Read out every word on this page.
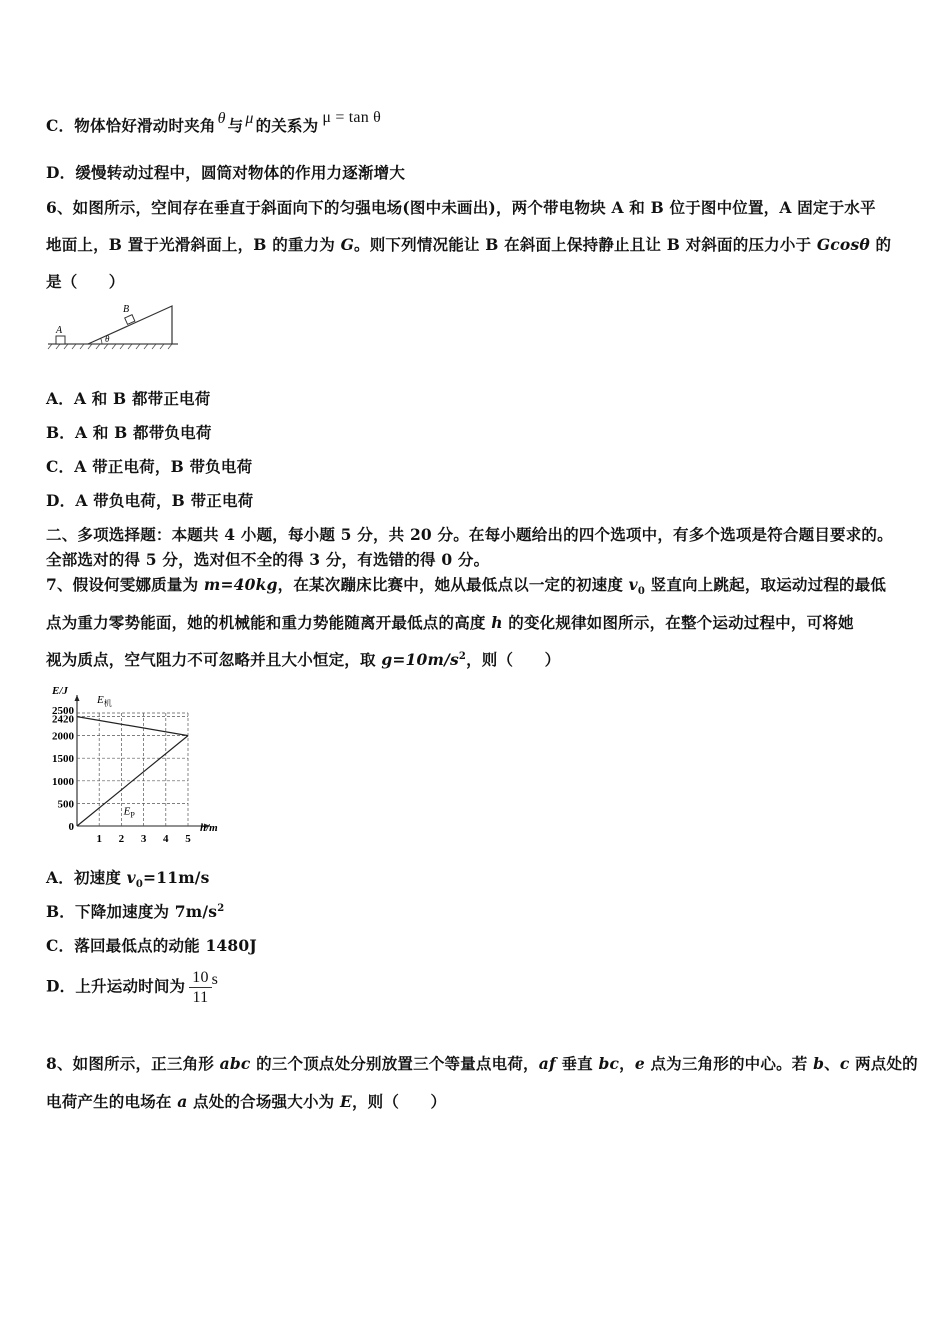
C．物体恰好滑动时夹角 θ 与 μ 的关系为 μ = tan θ
D．缓慢转动过程中，圆筒对物体的作用力逐渐增大
6、如图所示，空间存在垂直于斜面向下的匀强电场(图中未画出)，两个带电物块 A 和 B 位于图中位置，A 固定于水平
地面上，B 置于光滑斜面上，B 的重力为 G。则下列情况能让 B 在斜面上保持静止且让 B 对斜面的压力小于 Gcosθ 的
是（　　）
A
B
θ
A．A 和 B 都带正电荷
B．A 和 B 都带负电荷
C．A 带正电荷，B 带负电荷
D．A 带负电荷，B 带正电荷
二、多项选择题：本题共 4 小题，每小题 5 分，共 20 分。在每小题给出的四个选项中，有多个选项是符合题目要求的。
全部选对的得 5 分，选对但不全的得 3 分，有选错的得 0 分。
7、假设何雯娜质量为 m=40kg，在某次蹦床比赛中，她从最低点以一定的初速度 $v_0$ 竖直向上跳起，取运动过程的最低
点为重力零势能面，她的机械能和重力势能随离开最低点的高度 h 的变化规律如图所示，在整个运动过程中，可将她
视为质点，空气阻力不可忽略并且大小恒定，取 $g=10m/s^2$，则（　　）
1 2 3 4 5
0
500
1000
1500
2000
2420
2500
h/m
E/J
$E_机$
$E_P$
A．初速度 $v_0=11m/s$
B．下降加速度为 $7m/s^2$
C．落回最低点的动能 1480J
D．上升运动时间为 $\frac{10}{11}$ s
8、如图所示，正三角形 abc 的三个顶点处分别放置三个等量点电荷，af 垂直 bc，e 点为三角形的中心。若 b、c 两点处的
电荷产生的电场在 a 点处的合场强大小为 E，则（　　）
